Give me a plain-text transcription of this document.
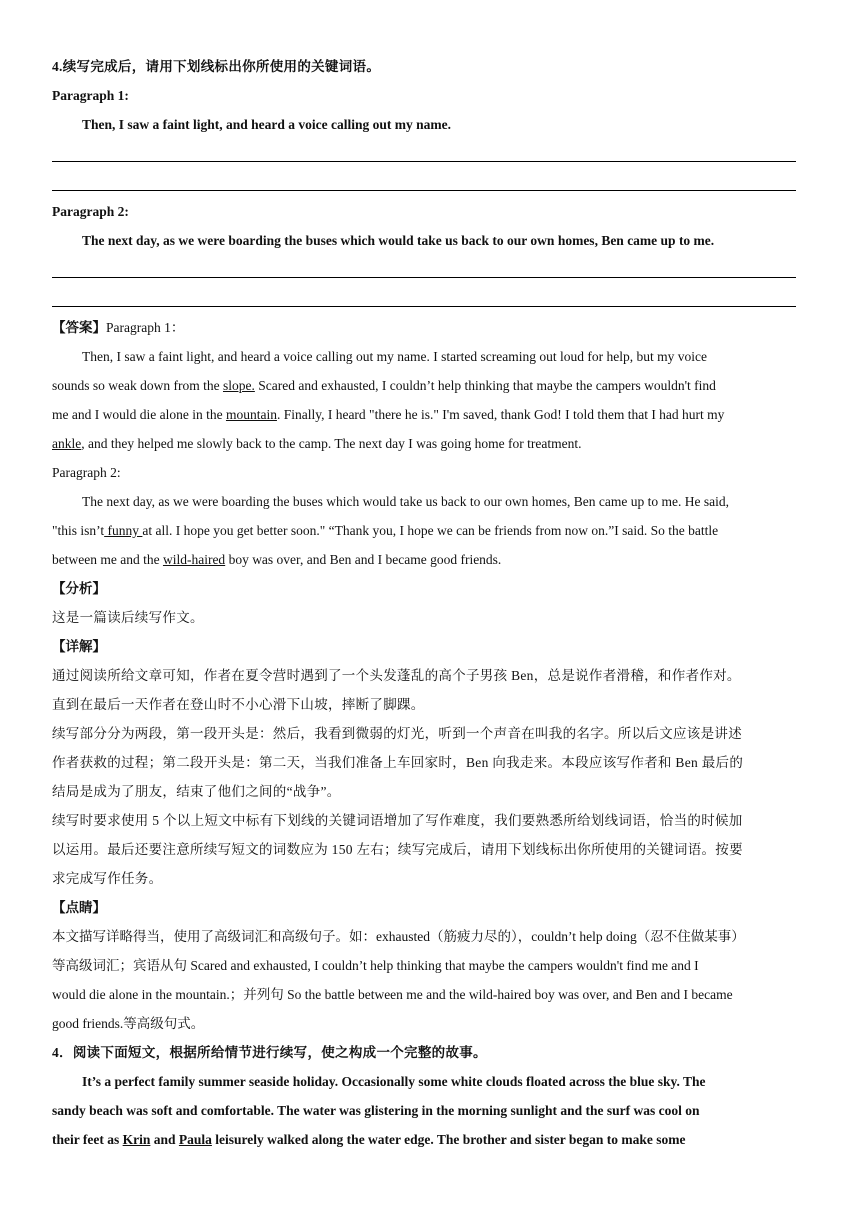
4.续写完成后，请用下划线标出你所使用的关键词语。
Paragraph 1:
Then, I saw a faint light, and heard a voice calling out my name.
Paragraph 2:
The next day, as we were boarding the buses which would take us back to our own homes, Ben came up to me.
【答案】Paragraph 1：
Then, I saw a faint light, and heard a voice calling out my name. I started screaming out loud for help, but my voice
sounds so weak down from the slope. Scared and exhausted, I couldn’t help thinking that maybe the campers wouldn't find
me and I would die alone in the mountain. Finally, I heard "there he is." I'm saved, thank God! I told them that I had hurt my
ankle, and they helped me slowly back to the camp. The next day I was going home for treatment.
Paragraph 2:
The next day, as we were boarding the buses which would take us back to our own homes, Ben came up to me. He said,
"this isn’t funny at all. I hope you get better soon." “Thank you, I hope we can be friends from now on.”I said. So the battle
between me and the wild-haired boy was over, and Ben and I became good friends.
【分析】
这是一篇读后续写作文。
【详解】
通过阅读所给文章可知，作者在夏令营时遇到了一个头发蓬乱的高个子男孩 Ben，总是说作者滑稽，和作者作对。
直到在最后一天作者在登山时不小心滑下山坡，摔断了脚踝。
续写部分分为两段，第一段开头是：然后，我看到微弱的灯光，听到一个声音在叫我的名字。所以后文应该是讲述
作者获救的过程；第二段开头是：第二天，当我们准备上车回家时，Ben 向我走来。本段应该写作者和 Ben 最后的
结局是成为了朋友，结束了他们之间的“战争”。
续写时要求使用 5 个以上短文中标有下划线的关键词语增加了写作难度，我们要熟悉所给划线词语，恰当的时候加
以运用。最后还要注意所续写短文的词数应为 150 左右；续写完成后，请用下划线标出你所使用的关键词语。按要
求完成写作任务。
【点睛】
本文描写详略得当，使用了高级词汇和高级句子。如：exhausted（筋疲力尽的），couldn’t help doing（忍不住做某事）
等高级词汇；宾语从句 Scared and exhausted, I couldn’t help thinking that maybe the campers wouldn't find me and I
would die alone in the mountain.；并列句 So the battle between me and the wild-haired boy was over, and Ben and I became
good friends.等高级句式。
4．阅读下面短文，根据所给情节进行续写，使之构成一个完整的故事。
It’s a perfect family summer seaside holiday. Occasionally some white clouds floated across the blue sky. The
sandy beach was soft and comfortable. The water was glistering in the morning sunlight and the surf was cool on
their feet as Krin and Paula leisurely walked along the water edge. The brother and sister began to make some
